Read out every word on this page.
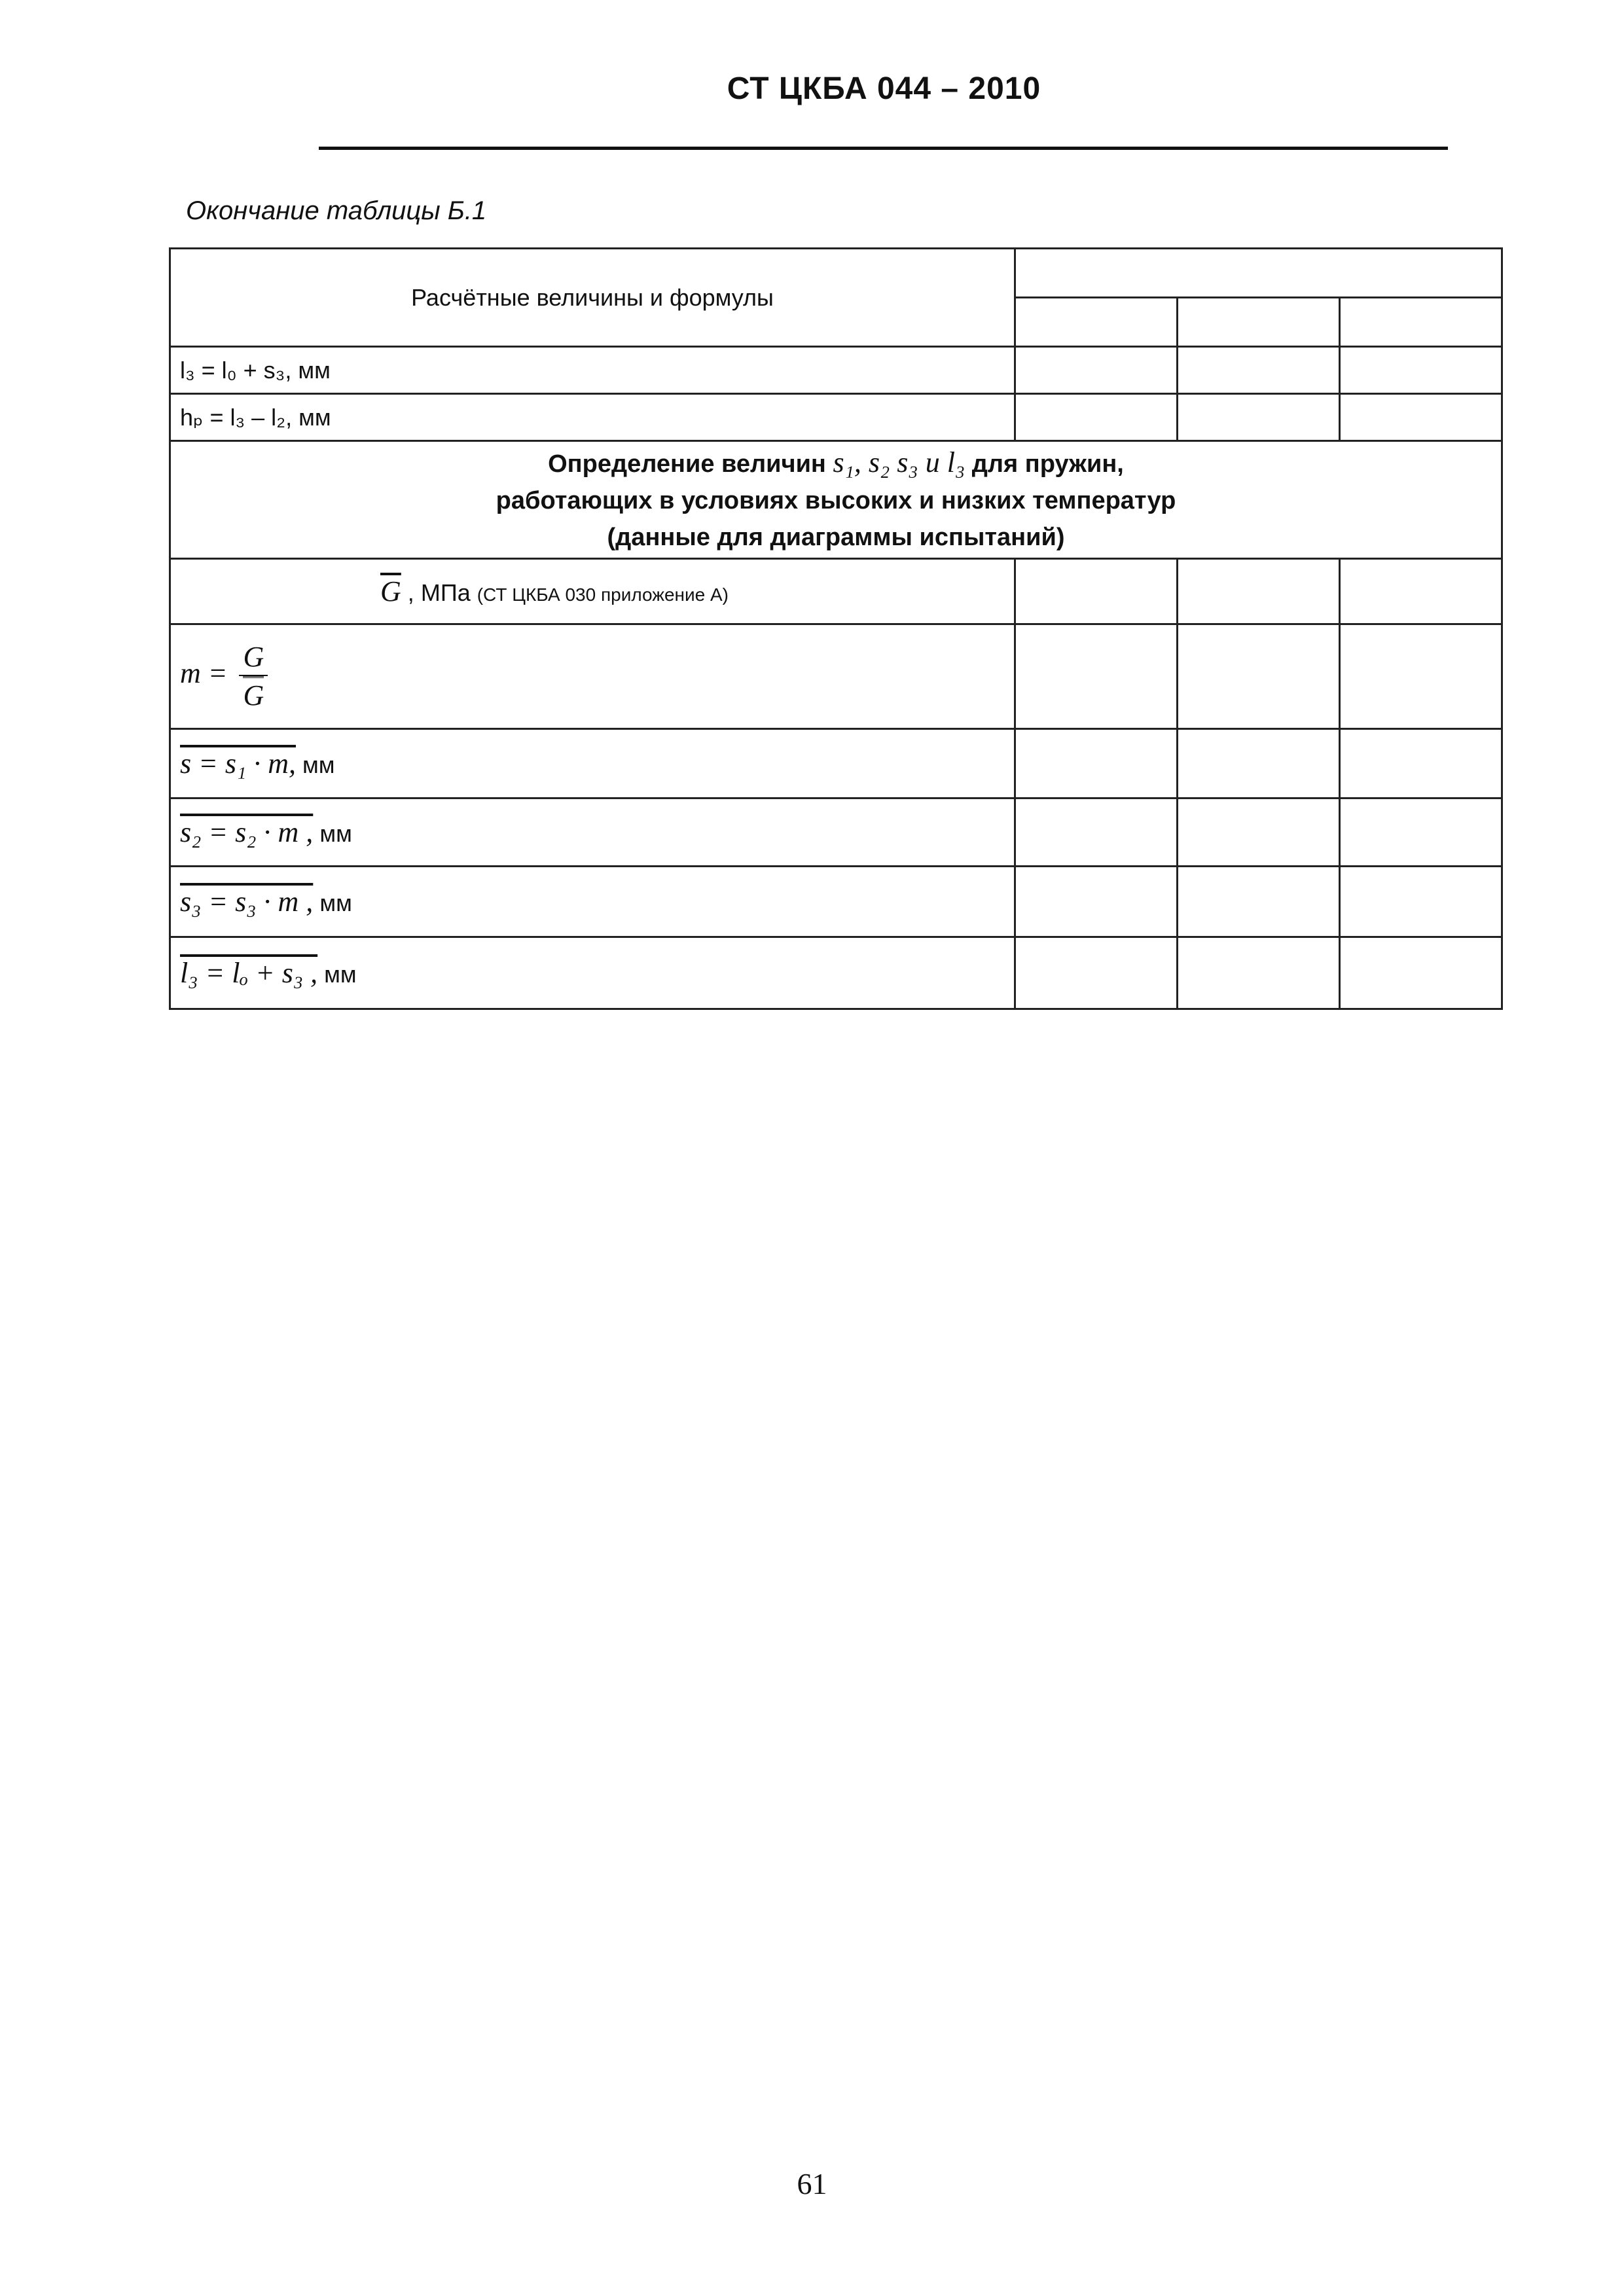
СТ ЦКБА 044 – 2010
Окончание таблицы Б.1
Расчётные величины и формулы			

l₃ = l₀ + s₃, мм			
hₚ = l₃ – l₂, мм			

Определение величин s₁, s₂ s₃ и l₃ для пружин,
работающих в условиях высоких и низких температур
(данные для диаграммы испытаний)			

$\overline{G}$ , МПа (СТ ЦКБА 030 приложение А)			
$m = \frac{G}{G}$

s = s₁ · m, мм			
s₂ = s₂ · m , мм			
s₃ = s₃ · m , мм			
l₃ = lₒ + s₃ , мм			
61
